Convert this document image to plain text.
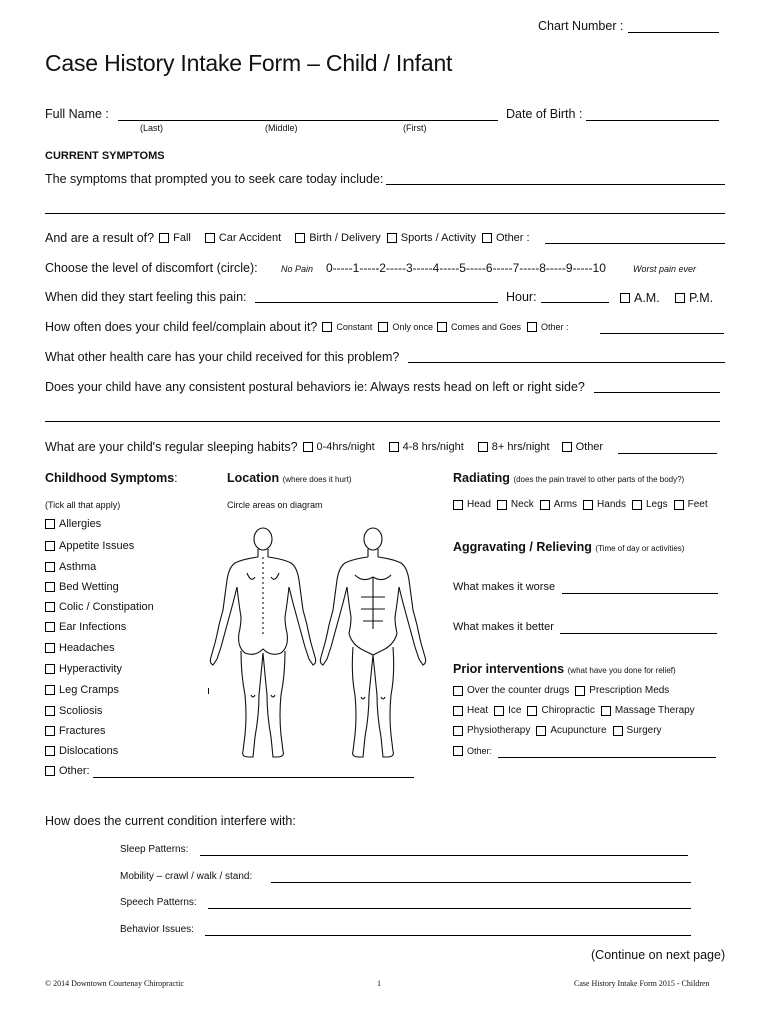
Chart Number :
Case History Intake Form – Child / Infant
Full Name :
(Last)	(Middle)	(First)
Date of Birth :
CURRENT SYMPTOMS
The symptoms that prompted you to seek care today include:
And are a result of? Fall	Car Accident	Birth / Delivery Sports / Activity Other :
Choose the level of discomfort (circle):	No Pain 0-----1-----2-----3-----4-----5-----6-----7-----8-----9-----10	Worst pain ever
When did they start feeling this pain:	Hour:	A.M. P.M.
How often does your child feel/complain about it? Constant Only once Comes and Goes Other :
What other health care has your child received for this problem?
Does your child have any consistent postural behaviors ie: Always rests head on left or right side?
What are your child's regular sleeping habits? 0-4hrs/night	4-8 hrs/night	8+ hrs/night Other
Childhood Symptoms:
(Tick all that apply)
Location (where does it hurt)
Circle areas on diagram
Radiating (does the pain travel to other parts of the body?)
Head Neck Arms Hands Legs Feet
Allergies
Appetite Issues
Asthma
Bed Wetting
Colic / Constipation
Ear Infections
Headaches
Hyperactivity
Leg Cramps
Scoliosis
Fractures
Dislocations
Other:
Aggravating / Relieving (Time of day or activities)
What makes it worse
What makes it better
Prior interventions (what have you done for relief)
Over the counter drugs Prescription Meds
Heat Ice Chiropractic Massage Therapy
Physiotherapy Acupuncture Surgery
Other:
How does the current condition interfere with:
Sleep Patterns:
Mobility – crawl / walk / stand:
Speech Patterns:
Behavior Issues:
(Continue on next page)
© 2014 Downtown Courtenay Chiropractic	1	Case History Intake Form 2015 - Children
